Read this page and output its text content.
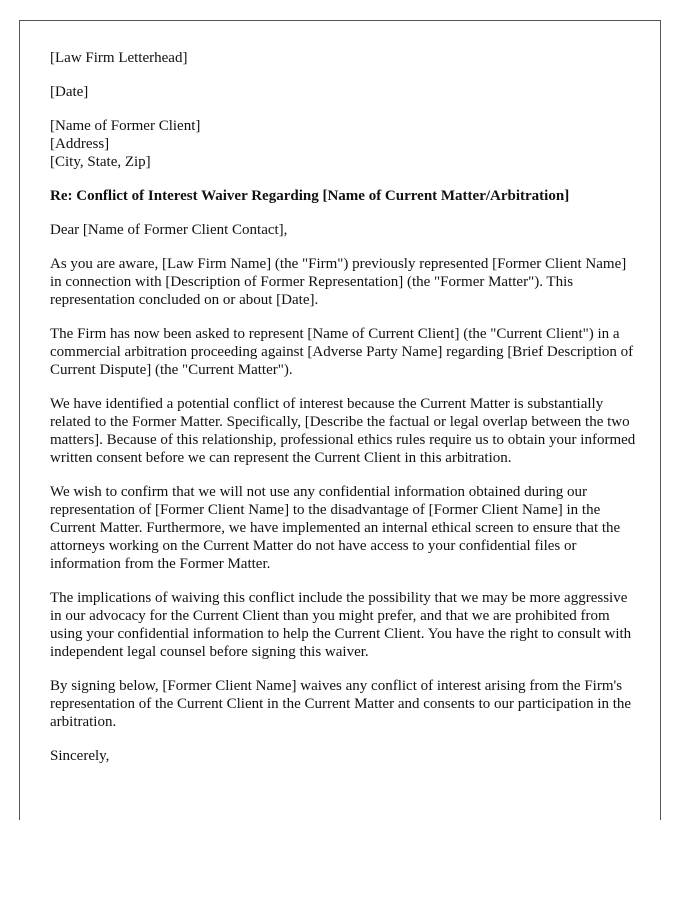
[Law Firm Letterhead]

[Date]

[Name of Former Client]
[Address]
[City, State, Zip]

Re: Conflict of Interest Waiver Regarding [Name of Current Matter/Arbitration]

Dear [Name of Former Client Contact],

As you are aware, [Law Firm Name] (the "Firm") previously represented [Former Client Name] in connection with [Description of Former Representation] (the "Former Matter"). This representation concluded on or about [Date].

The Firm has now been asked to represent [Name of Current Client] (the "Current Client") in a commercial arbitration proceeding against [Adverse Party Name] regarding [Brief Description of Current Dispute] (the "Current Matter").

We have identified a potential conflict of interest because the Current Matter is substantially related to the Former Matter. Specifically, [Describe the factual or legal overlap between the two matters]. Because of this relationship, professional ethics rules require us to obtain your informed written consent before we can represent the Current Client in this arbitration.

We wish to confirm that we will not use any confidential information obtained during our representation of [Former Client Name] to the disadvantage of [Former Client Name] in the Current Matter. Furthermore, we have implemented an internal ethical screen to ensure that the attorneys working on the Current Matter do not have access to your confidential files or information from the Former Matter.

The implications of waiving this conflict include the possibility that we may be more aggressive in our advocacy for the Current Client than you might prefer, and that we are prohibited from using your confidential information to help the Current Client. You have the right to consult with independent legal counsel before signing this waiver.

By signing below, [Former Client Name] waives any conflict of interest arising from the Firm's representation of the Current Client in the Current Matter and consents to our participation in the arbitration.

Sincerely,
